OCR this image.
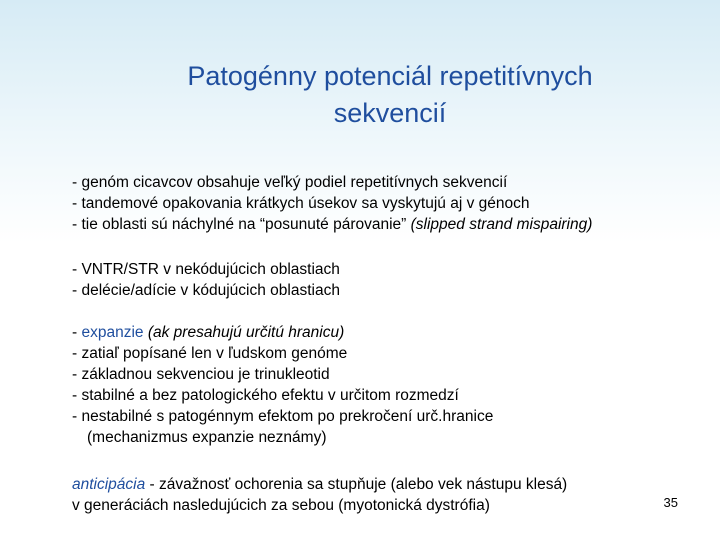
Patogénny potenciál repetitívnych
sekvencií
- genóm cicavcov obsahuje veľký podiel repetitívnych sekvencií
- tandemové opakovania krátkych úsekov sa vyskytujú aj v génoch
- tie oblasti sú náchylné na “posunuté párovanie” (slipped strand mispairing)
- VNTR/STR v nekódujúcich oblastiach
- delécie/adície v kódujúcich oblastiach
- expanzie (ak presahujú určitú hranicu)
- zatiaľ popísané len v ľudskom genóme
- základnou sekvenciou je trinukleotid
- stabilné a bez patologického efektu v určitom rozmedzí
- nestabilné s patogénnym efektom po prekročení urč.hranice
(mechanizmus expanzie neznámy)
anticipácia - závažnosť ochorenia sa stupňuje (alebo vek nástupu klesá)
v generáciách nasledujúcich za sebou (myotonická dystrófia)	35
